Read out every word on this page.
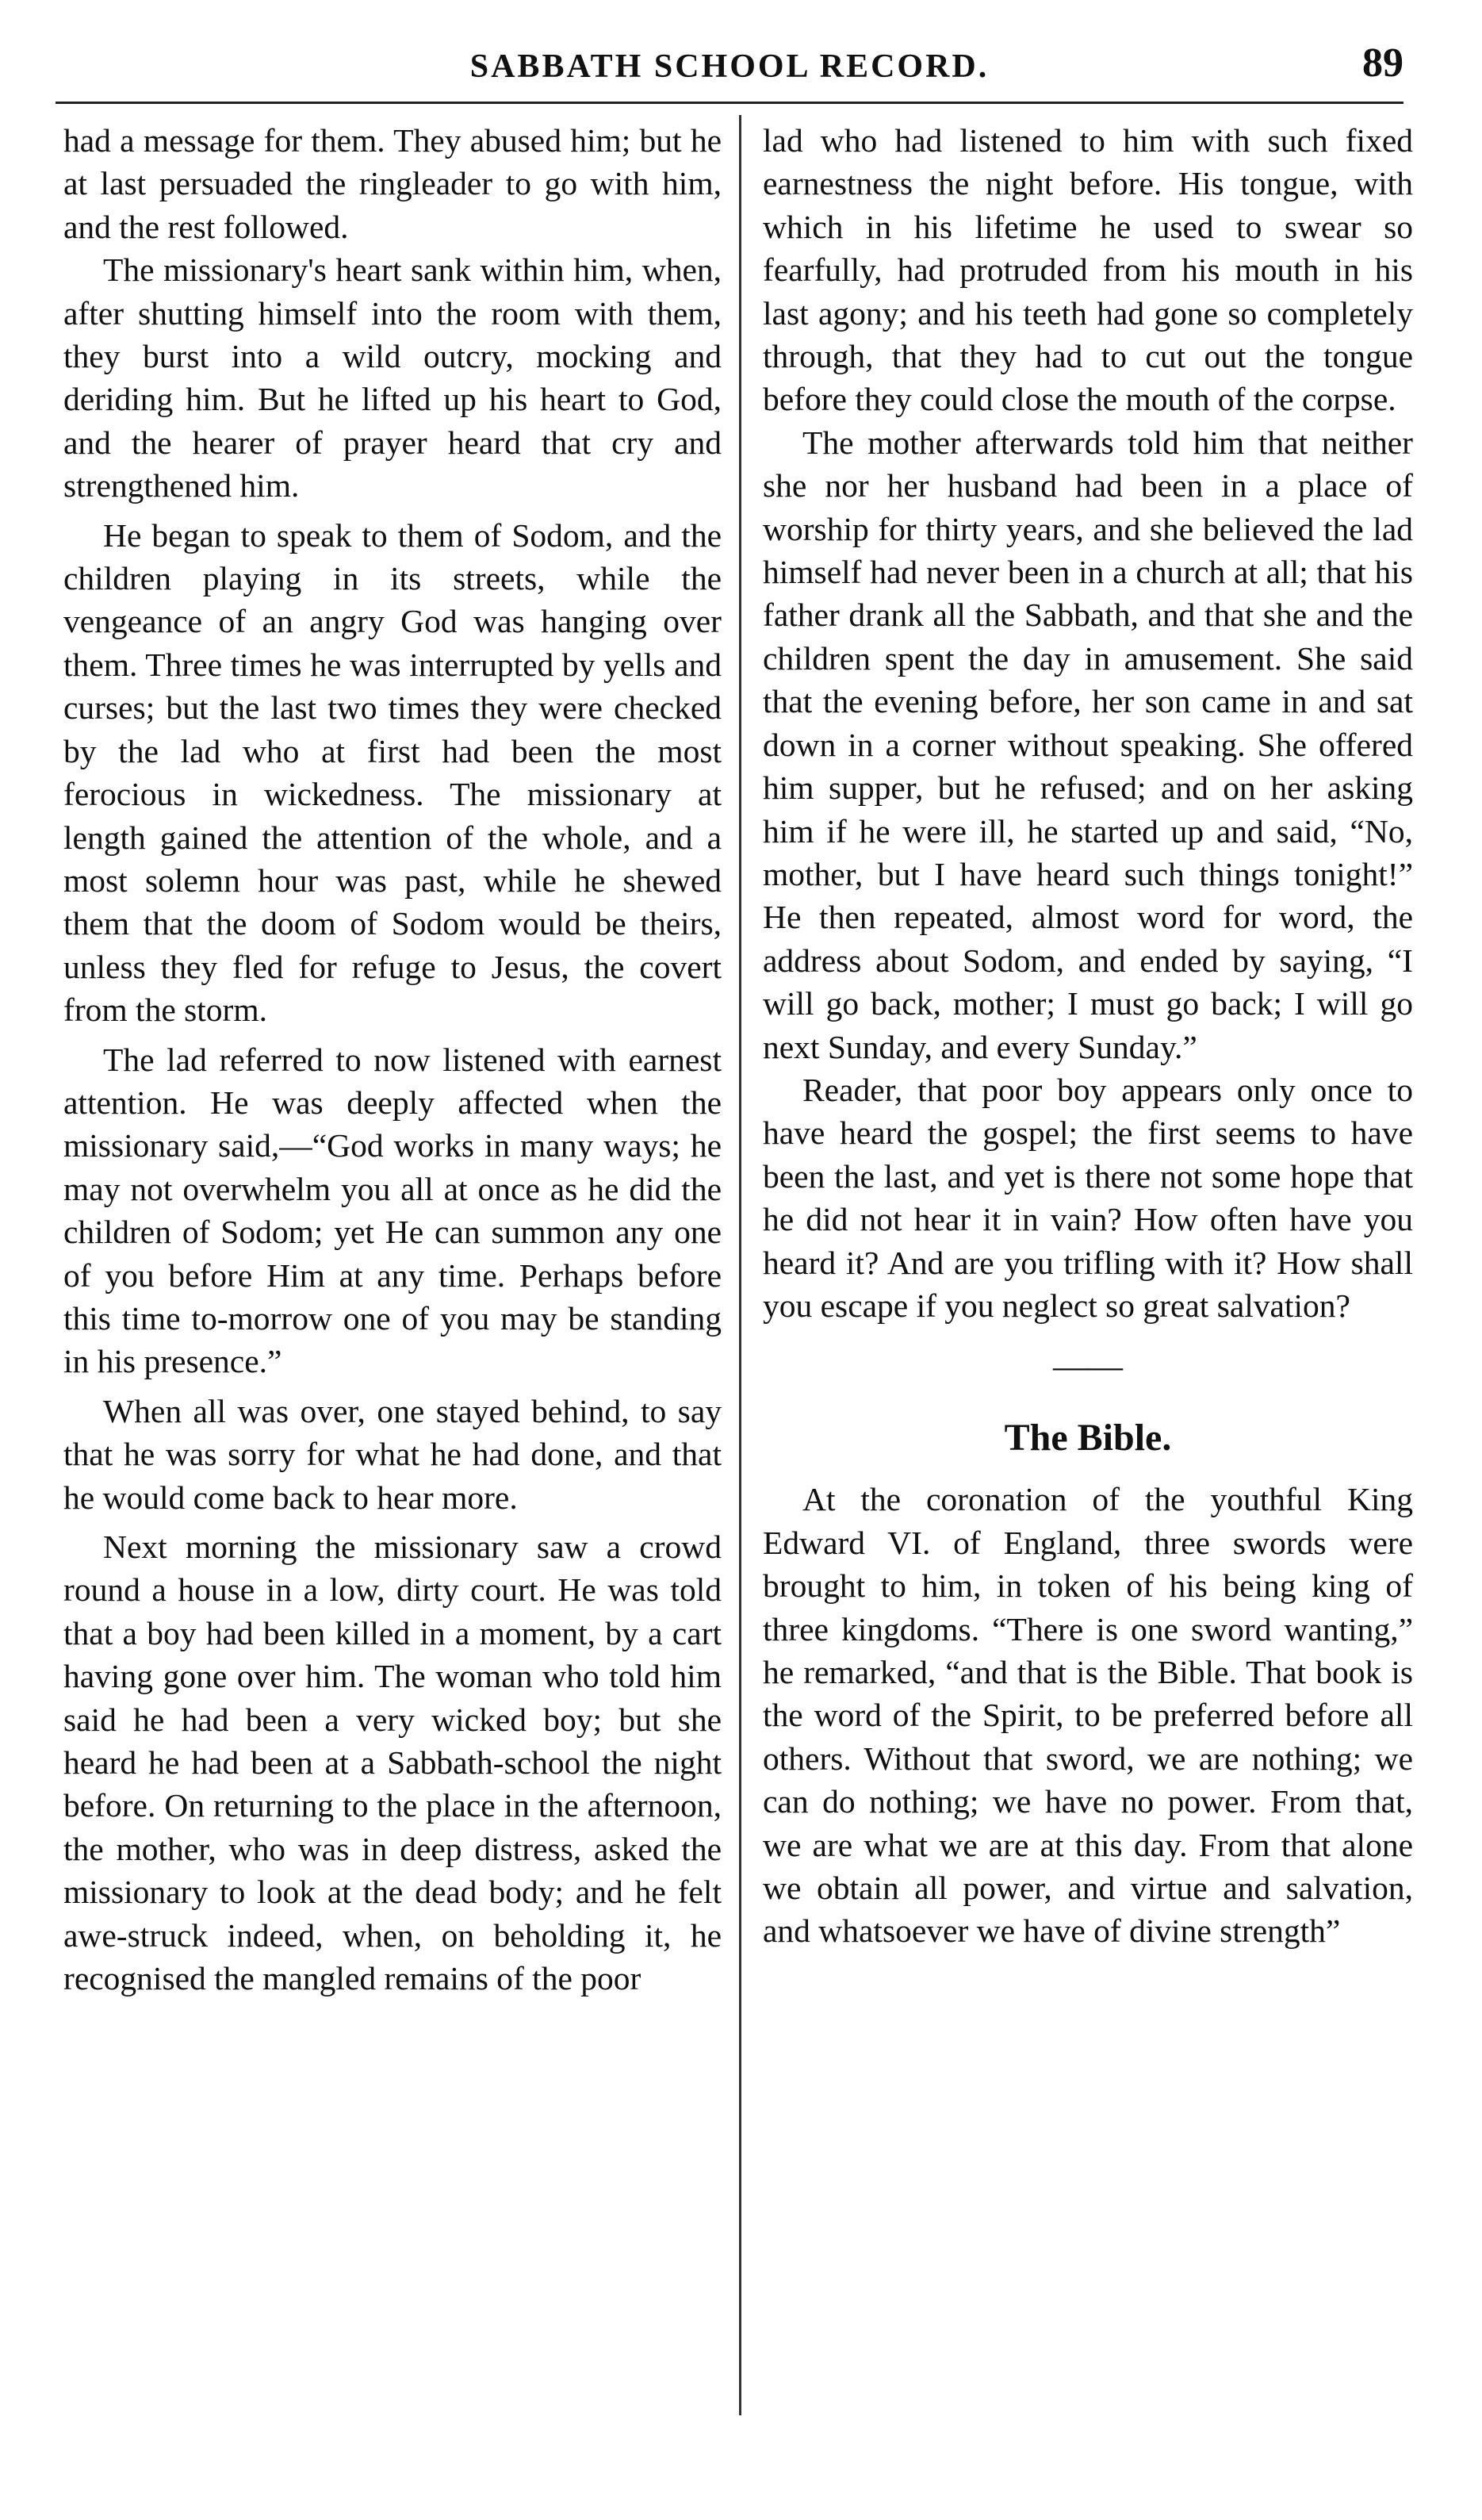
SABBATH SCHOOL RECORD.	89

had a message for them. They abused him; but he at last persuaded the ringleader to go with him, and the rest followed.

The missionary's heart sank within him, when, after shutting himself into the room with them, they burst into a wild outcry, mocking and deriding him. But he lifted up his heart to God, and the hearer of prayer heard that cry and strengthened him.

He began to speak to them of Sodom, and the children playing in its streets, while the vengeance of an angry God was hanging over them. Three times he was interrupted by yells and curses; but the last two times they were checked by the lad who at first had been the most ferocious in wickedness. The missionary at length gained the attention of the whole, and a most solemn hour was past, while he shewed them that the doom of Sodom would be theirs, unless they fled for refuge to Jesus, the covert from the storm.

The lad referred to now listened with earnest attention. He was deeply affected when the missionary said,—“God works in many ways; he may not overwhelm you all at once as he did the children of Sodom; yet He can summon any one of you before Him at any time. Perhaps before this time to-morrow one of you may be standing in his presence.”

When all was over, one stayed behind, to say that he was sorry for what he had done, and that he would come back to hear more.

Next morning the missionary saw a crowd round a house in a low, dirty court. He was told that a boy had been killed in a moment, by a cart having gone over him. The woman who told him said he had been a very wicked boy; but she heard he had been at a Sabbath-school the night before. On returning to the place in the afternoon, the mother, who was in deep distress, asked the missionary to look at the dead body; and he felt awe-struck indeed, when, on beholding it, he recognised the mangled remains of the poor

lad who had listened to him with such fixed earnestness the night before. His tongue, with which in his lifetime he used to swear so fearfully, had protruded from his mouth in his last agony; and his teeth had gone so completely through, that they had to cut out the tongue before they could close the mouth of the corpse.

The mother afterwards told him that neither she nor her husband had been in a place of worship for thirty years, and she believed the lad himself had never been in a church at all; that his father drank all the Sabbath, and that she and the children spent the day in amusement. She said that the evening before, her son came in and sat down in a corner without speaking. She offered him supper, but he refused; and on her asking him if he were ill, he started up and said, “No, mother, but I have heard such things tonight!” He then repeated, almost word for word, the address about Sodom, and ended by saying, “I will go back, mother; I must go back; I will go next Sunday, and every Sunday.”

Reader, that poor boy appears only once to have heard the gospel; the first seems to have been the last, and yet is there not some hope that he did not hear it in vain? How often have you heard it? And are you trifling with it? How shall you escape if you neglect so great salvation?

——
The Bible.

At the coronation of the youthful King Edward VI. of England, three swords were brought to him, in token of his being king of three kingdoms. “There is one sword wanting,” he remarked, “and that is the Bible. That book is the word of the Spirit, to be preferred before all others. Without that sword, we are nothing; we can do nothing; we have no power. From that, we are what we are at this day. From that alone we obtain all power, and virtue and salvation, and whatsoever we have of divine strength”
